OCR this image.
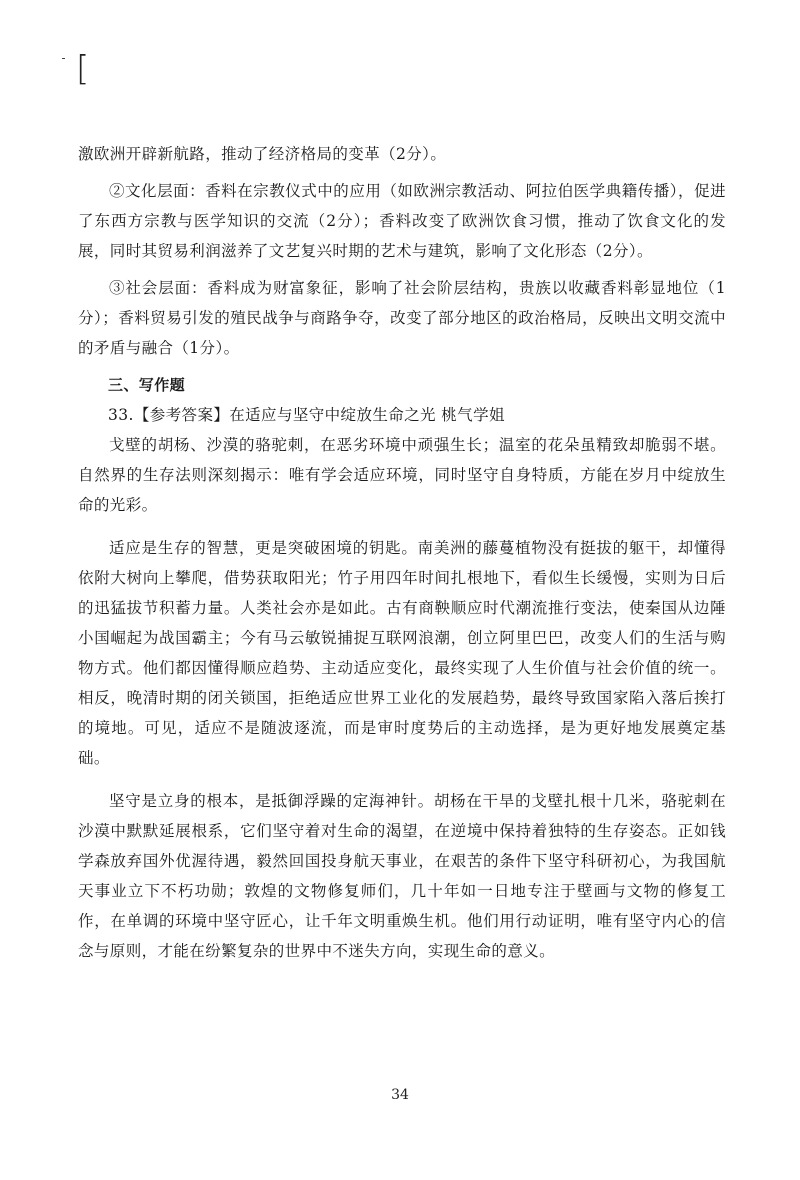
[

激欧洲开辟新航路，推动了经济格局的变革（2分）。

②文化层面：香料在宗教仪式中的应用（如欧洲宗教活动、阿拉伯医学典籍传播），促进了东西方宗教与医学知识的交流（2分）；香料改变了欧洲饮食习惯，推动了饮食文化的发展，同时其贸易利润滋养了文艺复兴时期的艺术与建筑，影响了文化形态（2分）。

③社会层面：香料成为财富象征，影响了社会阶层结构，贵族以收藏香料彰显地位（1分）；香料贸易引发的殖民战争与商路争夺，改变了部分地区的政治格局，反映出文明交流中的矛盾与融合（1分）。

三、写作题

33.【参考答案】在适应与坚守中绽放生命之光 桃气学姐

戈壁的胡杨、沙漠的骆驼刺，在恶劣环境中顽强生长；温室的花朵虽精致却脆弱不堪。自然界的生存法则深刻揭示：唯有学会适应环境，同时坚守自身特质，方能在岁月中绽放生命的光彩。

适应是生存的智慧，更是突破困境的钥匙。南美洲的藤蔓植物没有挺拔的躯干，却懂得依附大树向上攀爬，借势获取阳光；竹子用四年时间扎根地下，看似生长缓慢，实则为日后的迅猛拔节积蓄力量。人类社会亦是如此。古有商鞅顺应时代潮流推行变法，使秦国从边陲小国崛起为战国霸主；今有马云敏锐捕捉互联网浪潮，创立阿里巴巴，改变人们的生活与购物方式。他们都因懂得顺应趋势、主动适应变化，最终实现了人生价值与社会价值的统一。相反，晚清时期的闭关锁国，拒绝适应世界工业化的发展趋势，最终导致国家陷入落后挨打的境地。可见，适应不是随波逐流，而是审时度势后的主动选择，是为更好地发展奠定基础。

坚守是立身的根本，是抵御浮躁的定海神针。胡杨在干旱的戈壁扎根十几米，骆驼刺在沙漠中默默延展根系，它们坚守着对生命的渴望，在逆境中保持着独特的生存姿态。正如钱学森放弃国外优渥待遇，毅然回国投身航天事业，在艰苦的条件下坚守科研初心，为我国航天事业立下不朽功勋；敦煌的文物修复师们，几十年如一日地专注于壁画与文物的修复工作，在单调的环境中坚守匠心，让千年文明重焕生机。他们用行动证明，唯有坚守内心的信念与原则，才能在纷繁复杂的世界中不迷失方向，实现生命的意义。

34
